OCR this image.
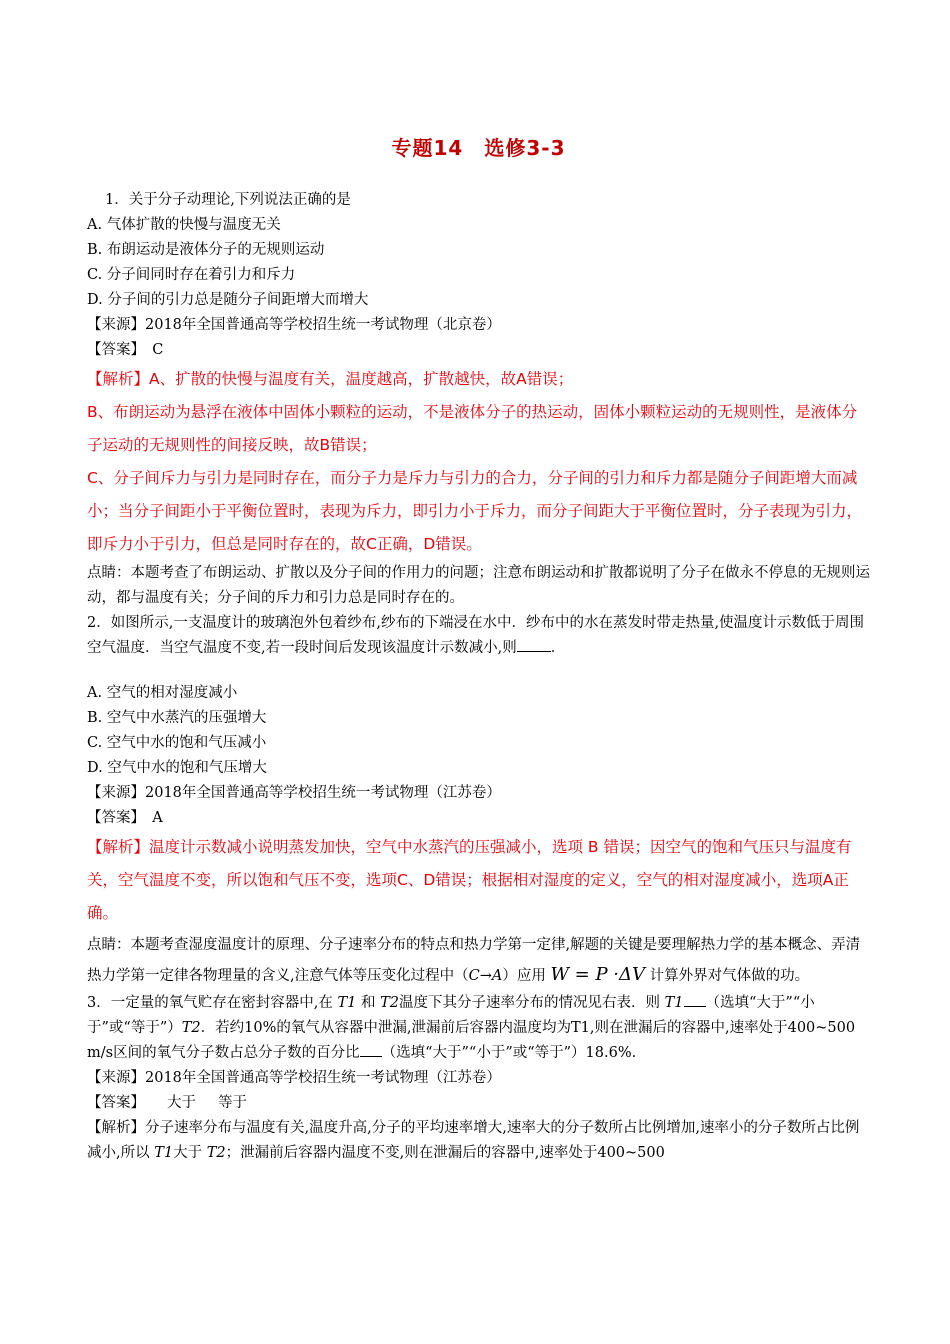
专题14　选修3-3

1．关于分子动理论,下列说法正确的是

A. 气体扩散的快慢与温度无关

B. 布朗运动是液体分子的无规则运动

C. 分子间同时存在着引力和斥力

D. 分子间的引力总是随分子间距增大而增大

【来源】2018年全国普通高等学校招生统一考试物理（北京卷）

【答案】　C

【解析】A、扩散的快慢与温度有关，温度越高，扩散越快，故A错误；

B、布朗运动为悬浮在液体中固体小颗粒的运动，不是液体分子的热运动，固体小颗粒运动的无规则性，是液体分子运动的无规则性的间接反映，故B错误；

C、分子间斥力与引力是同时存在，而分子力是斥力与引力的合力，分子间的引力和斥力都是随分子间距增大而减小；当分子间距小于平衡位置时，表现为斥力，即引力小于斥力，而分子间距大于平衡位置时，分子表现为引力，即斥力小于引力，但总是同时存在的，故C正确，D错误。

点睛：本题考查了布朗运动、扩散以及分子间的作用力的问题；注意布朗运动和扩散都说明了分子在做永不停息的无规则运动，都与温度有关；分子间的斥力和引力总是同时存在的。

2．如图所示,一支温度计的玻璃泡外包着纱布,纱布的下端浸在水中．纱布中的水在蒸发时带走热量,使温度计示数低于周围空气温度．当空气温度不变,若一段时间后发现该温度计示数减小,则 ．

A. 空气的相对湿度减小

B. 空气中水蒸汽的压强增大

C. 空气中水的饱和气压减小

D. 空气中水的饱和气压增大

【来源】2018年全国普通高等学校招生统一考试物理（江苏卷）

【答案】　A

【解析】温度计示数减小说明蒸发加快，空气中水蒸汽的压强减小，选项 B 错误；因空气的饱和气压只与温度有关，空气温度不变，所以饱和气压不变，选项C、D错误；根据相对湿度的定义，空气的相对湿度减小，选项A正确。

点睛：本题考查湿度温度计的原理、分子速率分布的特点和热力学第一定律,解题的关键是要理解热力学的基本概念、弄清热力学第一定律各物理量的含义,注意气体等压变化过程中（C→A）应用 W = P ·ΔV 计算外界对气体做的功。

3．一定量的氧气贮存在密封容器中,在 T1 和 T2温度下其分子速率分布的情况见右表．则 T1 （选填“大于”“小于”或“等于”）T2．若约10%的氧气从容器中泄漏,泄漏前后容器内温度均为T1,则在泄漏后的容器中,速率处于400~500 m/s区间的氧气分子数占总分子数的百分比 （选填“大于”“小于”或“等于”）18.6%.

【来源】2018年全国普通高等学校招生统一考试物理（江苏卷）

【答案】 大于 等于

【解析】分子速率分布与温度有关,温度升高,分子的平均速率增大,速率大的分子数所占比例增加,速率小的分子数所占比例减小,所以 T1大于 T2；泄漏前后容器内温度不变,则在泄漏后的容器中,速率处于400~500
